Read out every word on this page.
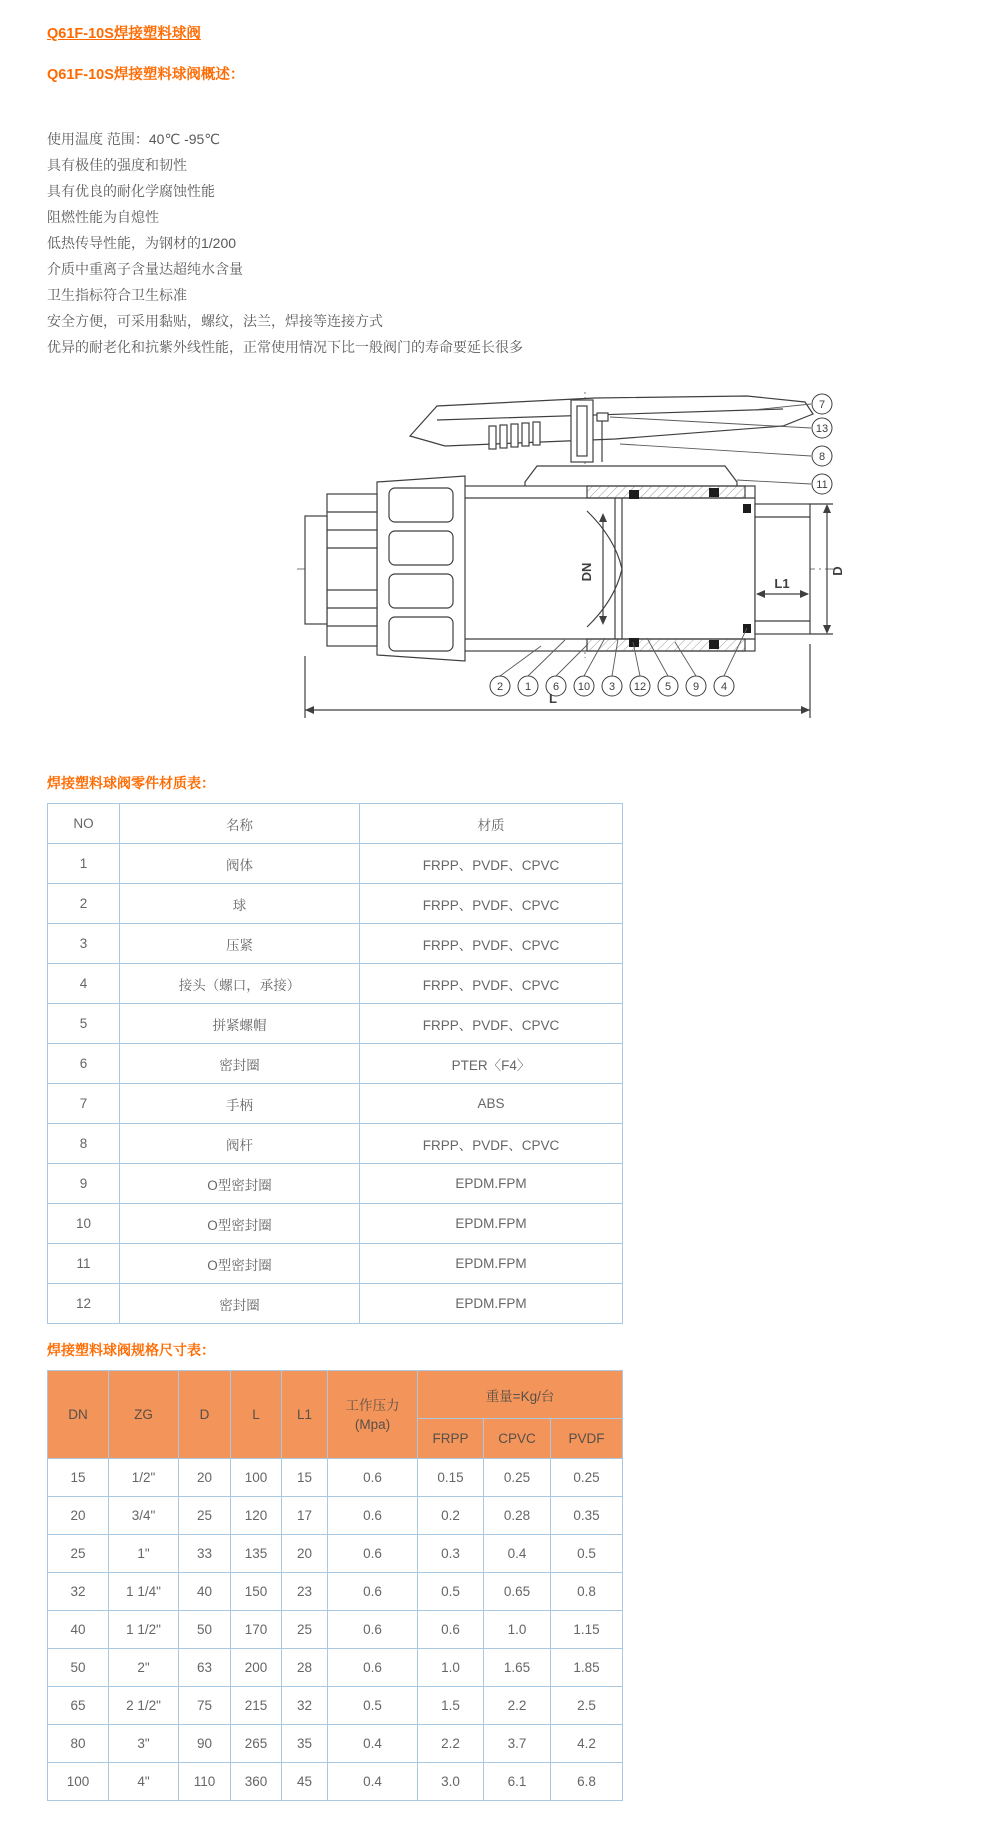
Q61F-10S焊接塑料球阀
Q61F-10S焊接塑料球阀概述：
使用温度 范围：40℃ -95℃
具有极佳的强度和韧性
具有优良的耐化学腐蚀性能
阻燃性能为自熄性
低热传导性能，为钢材的1/200
介质中重离子含量达超纯水含量
卫生指标符合卫生标准
安全方便，可采用黏贴，螺纹，法兰，焊接等连接方式
优异的耐老化和抗紫外线性能，正常使用情况下比一般阀门的寿命要延长很多
DN	D
L1
L
7
13
8
11
2 1 6 10 3 12 5 9 4
焊接塑料球阀零件材质表：
NO	名称	材质
1	阀体	FRPP、PVDF、CPVC
2	球	FRPP、PVDF、CPVC
3	压紧	FRPP、PVDF、CPVC
4	接头（螺口，承接）	FRPP、PVDF、CPVC
5	拼紧螺帽	FRPP、PVDF、CPVC
6	密封圈	PTER〈F4〉
7	手柄	ABS
8	阀杆	FRPP、PVDF、CPVC
9	O型密封圈	EPDM.FPM
10	O型密封圈	EPDM.FPM
11	O型密封圈	EPDM.FPM
12	密封圈	EPDM.FPM
焊接塑料球阀规格尺寸表：
DN	ZG	D	L	L1	工作压力
(Mpa)	重量=Kg/台		
						FRPP	CPVC	PVDF
15	1/2"	20	100	15	0.6	0.15	0.25	0.25
20	3/4"	25	120	17	0.6	0.2	0.28	0.35
25	1"	33	135	20	0.6	0.3	0.4	0.5
32	1 1/4"	40	150	23	0.6	0.5	0.65	0.8
40	1 1/2"	50	170	25	0.6	0.6	1.0	1.15
50	2"	63	200	28	0.6	1.0	1.65	1.85
65	2 1/2"	75	215	32	0.5	1.5	2.2	2.5
80	3"	90	265	35	0.4	2.2	3.7	4.2
100	4"	110	360	45	0.4	3.0	6.1	6.8
